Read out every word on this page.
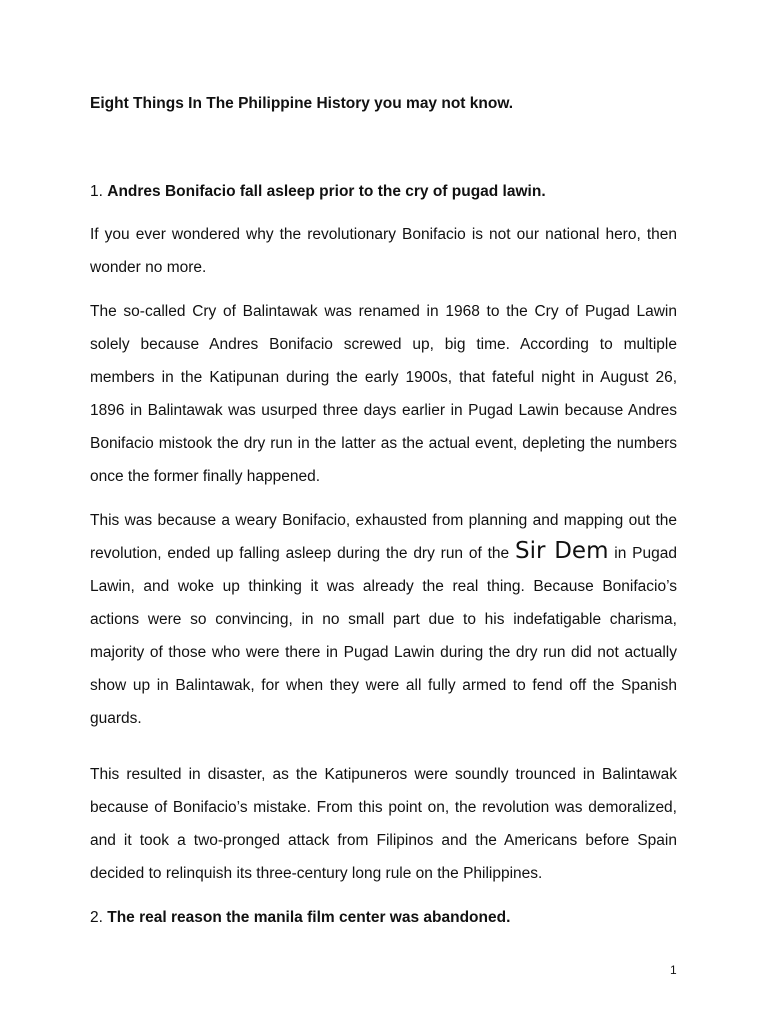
Eight Things In The Philippine History you may not know.

1. Andres Bonifacio fall asleep prior to the cry of pugad lawin.

If you ever wondered why the revolutionary Bonifacio is not our national hero, then wonder no more.

The so-called Cry of Balintawak was renamed in 1968 to the Cry of Pugad Lawin solely because Andres Bonifacio screwed up, big time. According to multiple members in the Katipunan during the early 1900s, that fateful night in August 26, 1896 in Balintawak was usurped three days earlier in Pugad Lawin because Andres Bonifacio mistook the dry run in the latter as the actual event, depleting the numbers once the former finally happened.

This was because a weary Bonifacio, exhausted from planning and mapping out the revolution, ended up falling asleep during the dry run of the Sir Dem in Pugad Lawin, and woke up thinking it was already the real thing. Because Bonifacio’s actions were so convincing, in no small part due to his indefatigable charisma, majority of those who were there in Pugad Lawin during the dry run did not actually show up in Balintawak, for when they were all fully armed to fend off the Spanish guards.

This resulted in disaster, as the Katipuneros were soundly trounced in Balintawak because of Bonifacio’s mistake. From this point on, the revolution was demoralized, and it took a two-pronged attack from Filipinos and the Americans before Spain decided to relinquish its three-century long rule on the Philippines.

2. The real reason the manila film center was abandoned.

1
